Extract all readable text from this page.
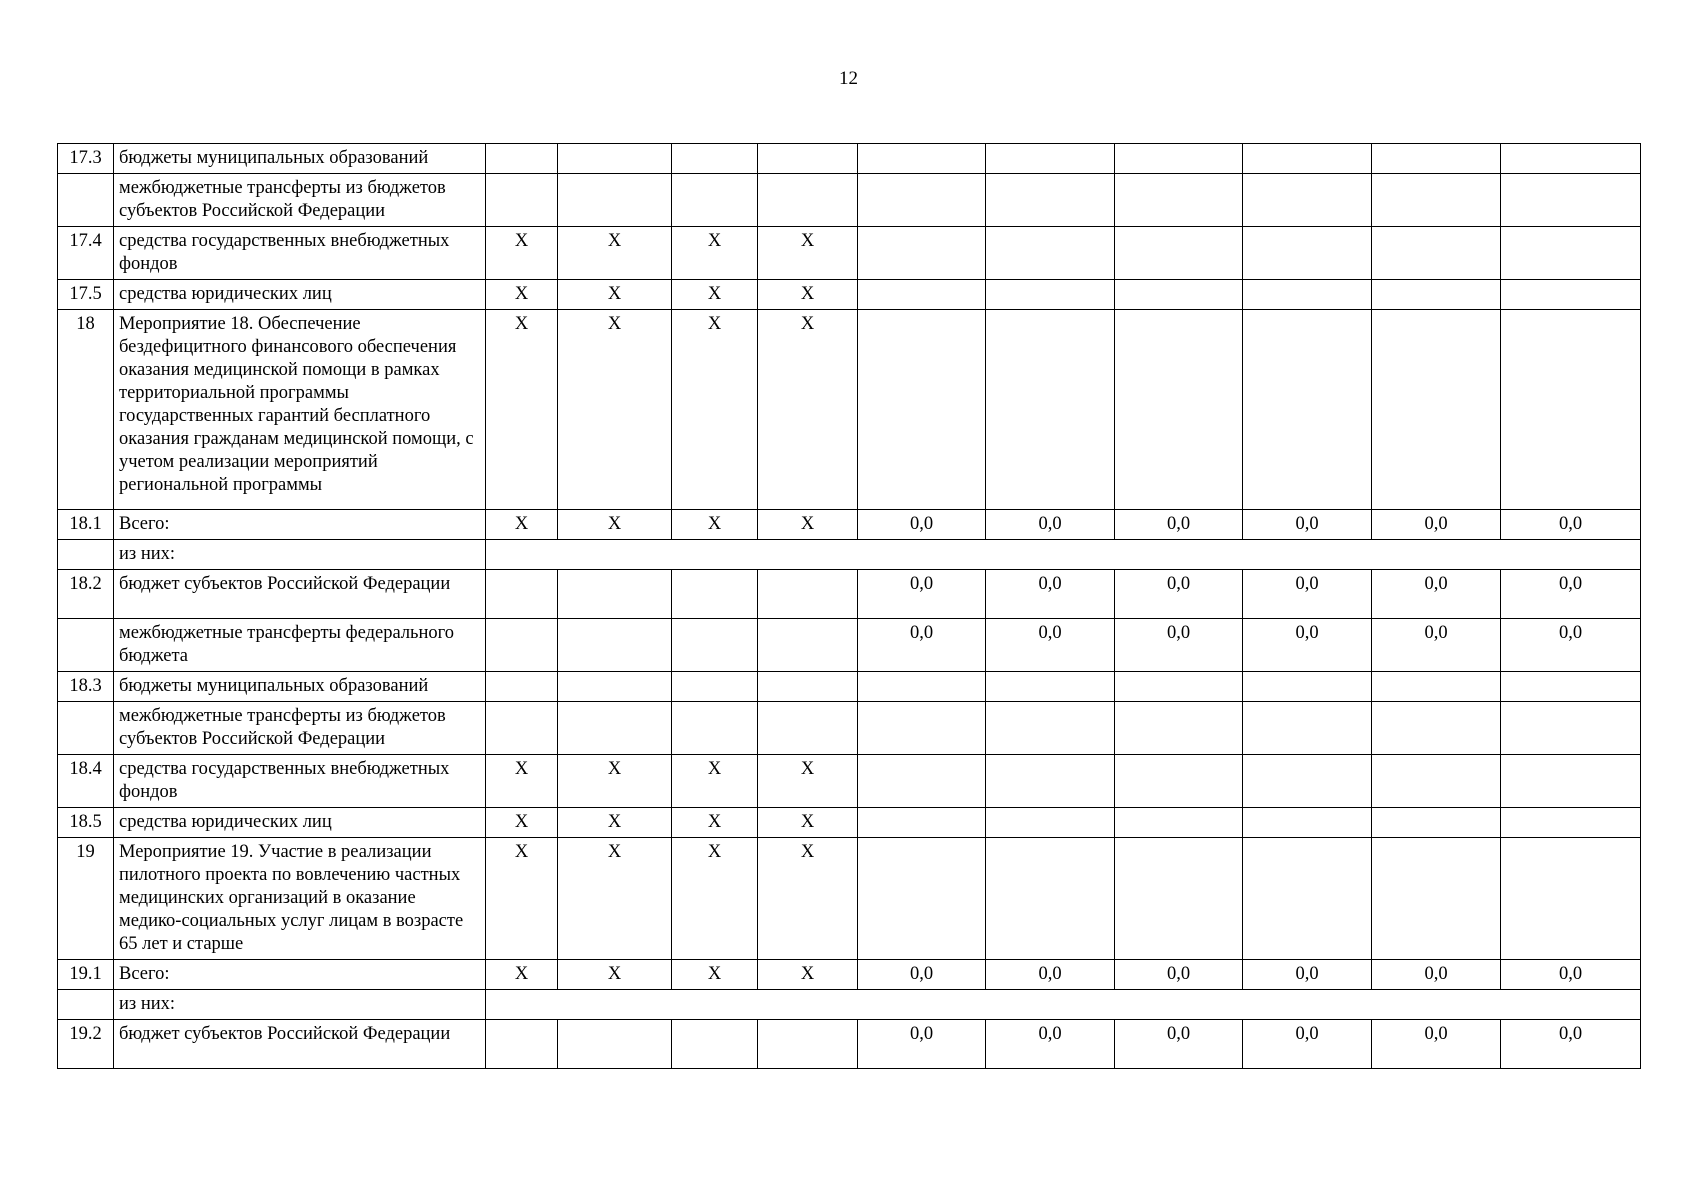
12
17.3	бюджеты муниципальных образований										
	межбюджетные трансферты из бюджетов субъектов Российской Федерации										
17.4	средства государственных внебюджетных фондов	X	X	X	X						
17.5	средства юридических лиц	X	X	X	X						
18	Мероприятие 18. Обеспечение бездефицитного финансового обеспечения оказания медицинской помощи в рамках территориальной программы государственных гарантий бесплатного оказания гражданам медицинской помощи, с учетом реализации мероприятий региональной программы	X	X	X	X						
18.1	Всего:	X	X	X	X	0,0	0,0	0,0	0,0	0,0	0,0
	из них:										
18.2	бюджет субъектов Российской Федерации					0,0	0,0	0,0	0,0	0,0	0,0
	межбюджетные трансферты федерального бюджета					0,0	0,0	0,0	0,0	0,0	0,0
18.3	бюджеты муниципальных образований										
	межбюджетные трансферты из бюджетов субъектов Российской Федерации										
18.4	средства государственных внебюджетных фондов	X	X	X	X						
18.5	средства юридических лиц	X	X	X	X						
19	Мероприятие 19. Участие в реализации пилотного проекта по вовлечению частных медицинских организаций в оказание медико-социальных услуг лицам в возрасте 65 лет и старше	X	X	X	X						
19.1	Всего:	X	X	X	X	0,0	0,0	0,0	0,0	0,0	0,0
	из них:										
19.2	бюджет субъектов Российской Федерации					0,0	0,0	0,0	0,0	0,0	0,0
